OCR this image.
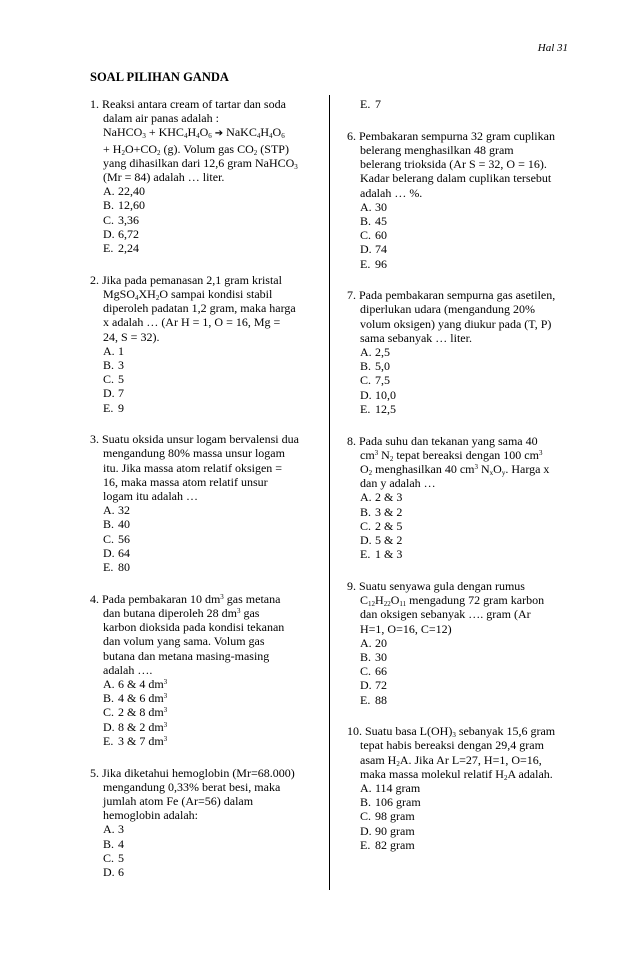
Hal 31
SOAL PILIHAN GANDA
1. Reaksi antara cream of tartar dan soda
dalam air panas adalah :
NaHCO$_3$ + $KHC_4H_4O_6$ ➔ $NaKC_4H_4O_6$
+ $H_2O+CO_2$ (g). Volum gas $CO_2$ (STP)
yang dihasilkan dari 12,6 gram NaHCO$_3$
(Mr = 84) adalah … liter.
A. 22,40
B. 12,60
C. 3,36
D. 6,72
E. 2,24
2. Jika pada pemanasan 2,1 gram kristal
$MgSO_4XH_2O$ sampai kondisi stabil
diperoleh padatan 1,2 gram, maka harga
x adalah … (Ar H = 1, O = 16, Mg =
24, S = 32).
A. 1
B. 3
C. 5
D. 7
E. 9
3. Suatu oksida unsur logam bervalensi dua
mengandung 80% massa unsur logam
itu. Jika massa atom relatif oksigen =
16, maka massa atom relatif unsur
logam itu adalah …
A. 32
B. 40
C. 56
D. 64
E. 80
4. Pada pembakaran 10 $dm^3$ gas metana
dan butana diperoleh 28 $dm^3$ gas
karbon dioksida pada kondisi tekanan
dan volum yang sama. Volum gas
butana dan metana masing-masing
adalah ….
A. 6 & 4 $dm^3$
B. 4 & 6 $dm^3$
C. 2 & 8 $dm^3$
D. 8 & 2 $dm^3$
E. 3 & 7 $dm^3$
5. Jika diketahui hemoglobin (Mr=68.000)
mengandung 0,33% berat besi, maka
jumlah atom Fe (Ar=56) dalam
hemoglobin adalah:
A. 3
B. 4
C. 5
D. 6
E. 7
6. Pembakaran sempurna 32 gram cuplikan
belerang menghasilkan 48 gram
belerang trioksida (Ar S = 32, O = 16).
Kadar belerang dalam cuplikan tersebut
adalah … %.
A. 30
B. 45
C. 60
D. 74
E. 96
7. Pada pembakaran sempurna gas asetilen,
diperlukan udara (mengandung 20%
volum oksigen) yang diukur pada (T, P)
sama sebanyak … liter.
A. 2,5
B. 5,0
C. 7,5
D. 10,0
E. 12,5
8. Pada suhu dan tekanan yang sama 40
$cm^3$ $N_2$ tepat bereaksi dengan 100 $cm^3$
$O_2$ menghasilkan 40 $cm^3$ $N_xO_y$. Harga x
dan y adalah …
A. 2 & 3
B. 3 & 2
C. 2 & 5
D. 5 & 2
E. 1 & 3
9. Suatu senyawa gula dengan rumus
$C_{12}H_{22}O_{11}$ mengadung 72 gram karbon
dan oksigen sebanyak …. gram (Ar
H=1, O=16, C=12)
A. 20
B. 30
C. 66
D. 72
E. 88
10. Suatu basa $L(OH)_3$ sebanyak 15,6 gram
tepat habis bereaksi dengan 29,4 gram
asam $H_2A$. Jika Ar L=27, H=1, O=16,
maka massa molekul relatif $H_2A$ adalah.
A. 114 gram
B. 106 gram
C. 98 gram
D. 90 gram
E. 82 gram
